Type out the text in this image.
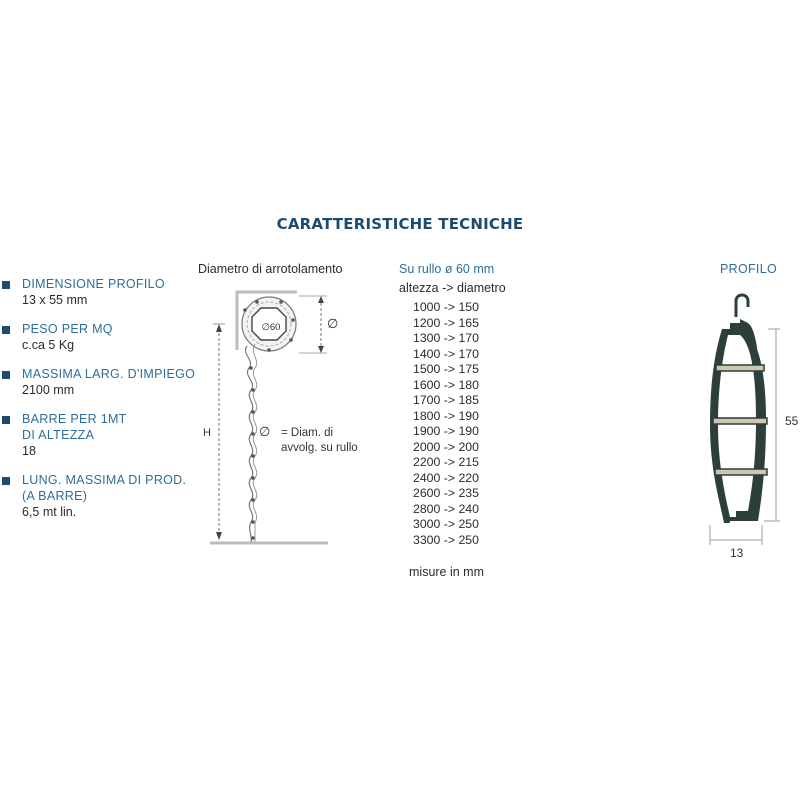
CARATTERISTICHE TECNICHE
DIMENSIONE PROFILO
13 x 55 mm
PESO PER MQ
c.ca 5 Kg
MASSIMA LARG. D'IMPIEGO
2100 mm
BARRE PER 1MT
DI ALTEZZA
18
LUNG. MASSIMA DI PROD.
(A BARRE)
6,5 mt lin.
Diametro di arrotolamento
∅60
H
∅
∅ = Diam. di
avvolg. su rullo
Su rullo ø 60 mm
altezza -> diametro
1000 -> 150
1200 -> 165
1300 -> 170
1400 -> 170
1500 -> 175
1600 -> 180
1700 -> 185
1800 -> 190
1900 -> 190
2000 -> 200
2200 -> 215
2400 -> 220
2600 -> 235
2800 -> 240
3000 -> 250
3300 -> 250
misure in mm
PROFILO
55
13
